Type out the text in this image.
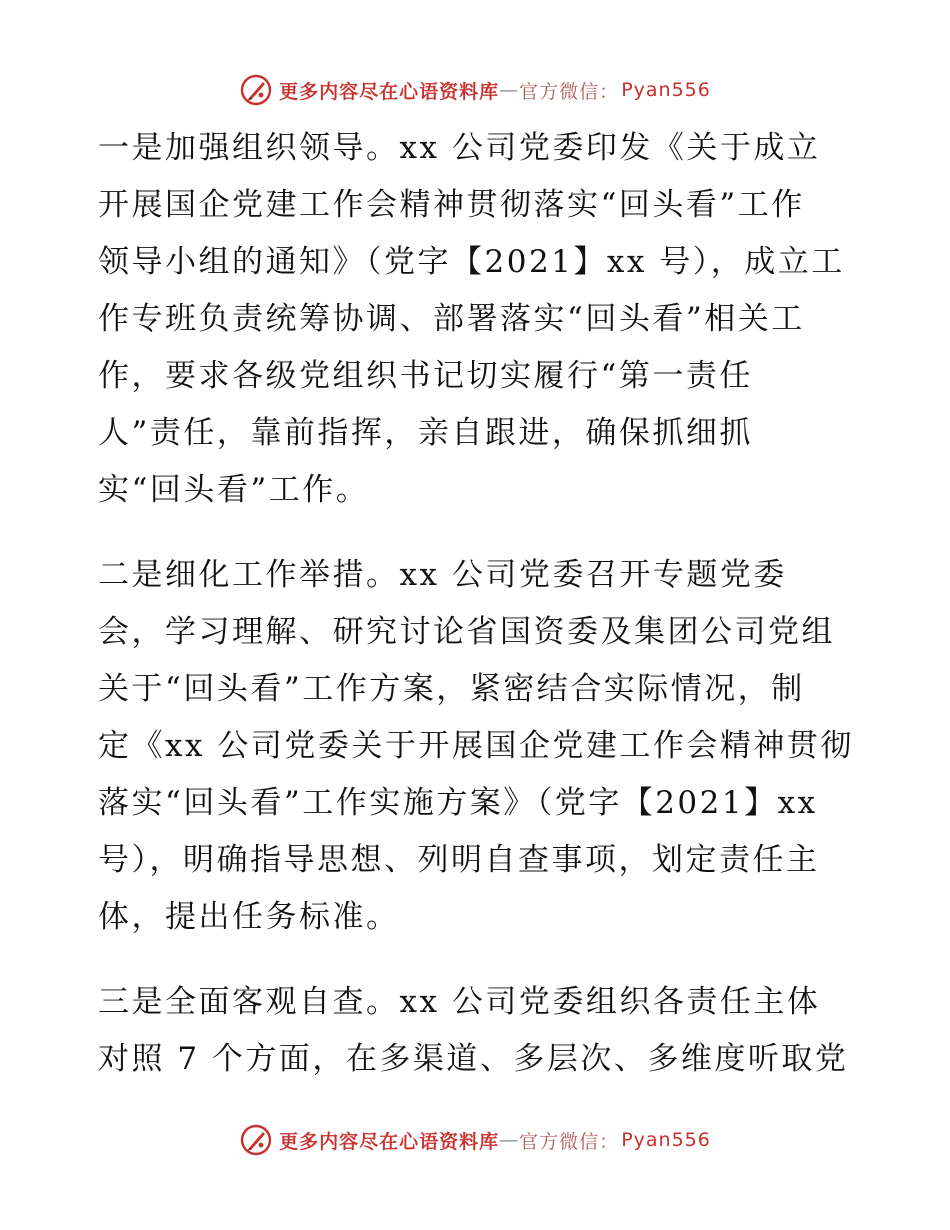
更多内容尽在心语资料库 — 官方微信： Pyan556
一是加强组织领导。xx 公司党委印发《关于成立
开展国企党建工作会精神贯彻落实“回头看”工作
领导小组的通知》（党字【2021】xx 号），成立工
作专班负责统筹协调、部署落实“回头看”相关工
作，要求各级党组织书记切实履行“第一责任
人”责任，靠前指挥，亲自跟进，确保抓细抓
实“回头看”工作。
二是细化工作举措。xx 公司党委召开专题党委
会，学习理解、研究讨论省国资委及集团公司党组
关于“回头看”工作方案，紧密结合实际情况，制
定《xx 公司党委关于开展国企党建工作会精神贯彻
落实“回头看”工作实施方案》（党字【2021】xx
号），明确指导思想、列明自查事项，划定责任主
体，提出任务标准。
三是全面客观自查。xx 公司党委组织各责任主体
对照 7 个方面，在多渠道、多层次、多维度听取党
更多内容尽在心语资料库 — 官方微信： Pyan556
